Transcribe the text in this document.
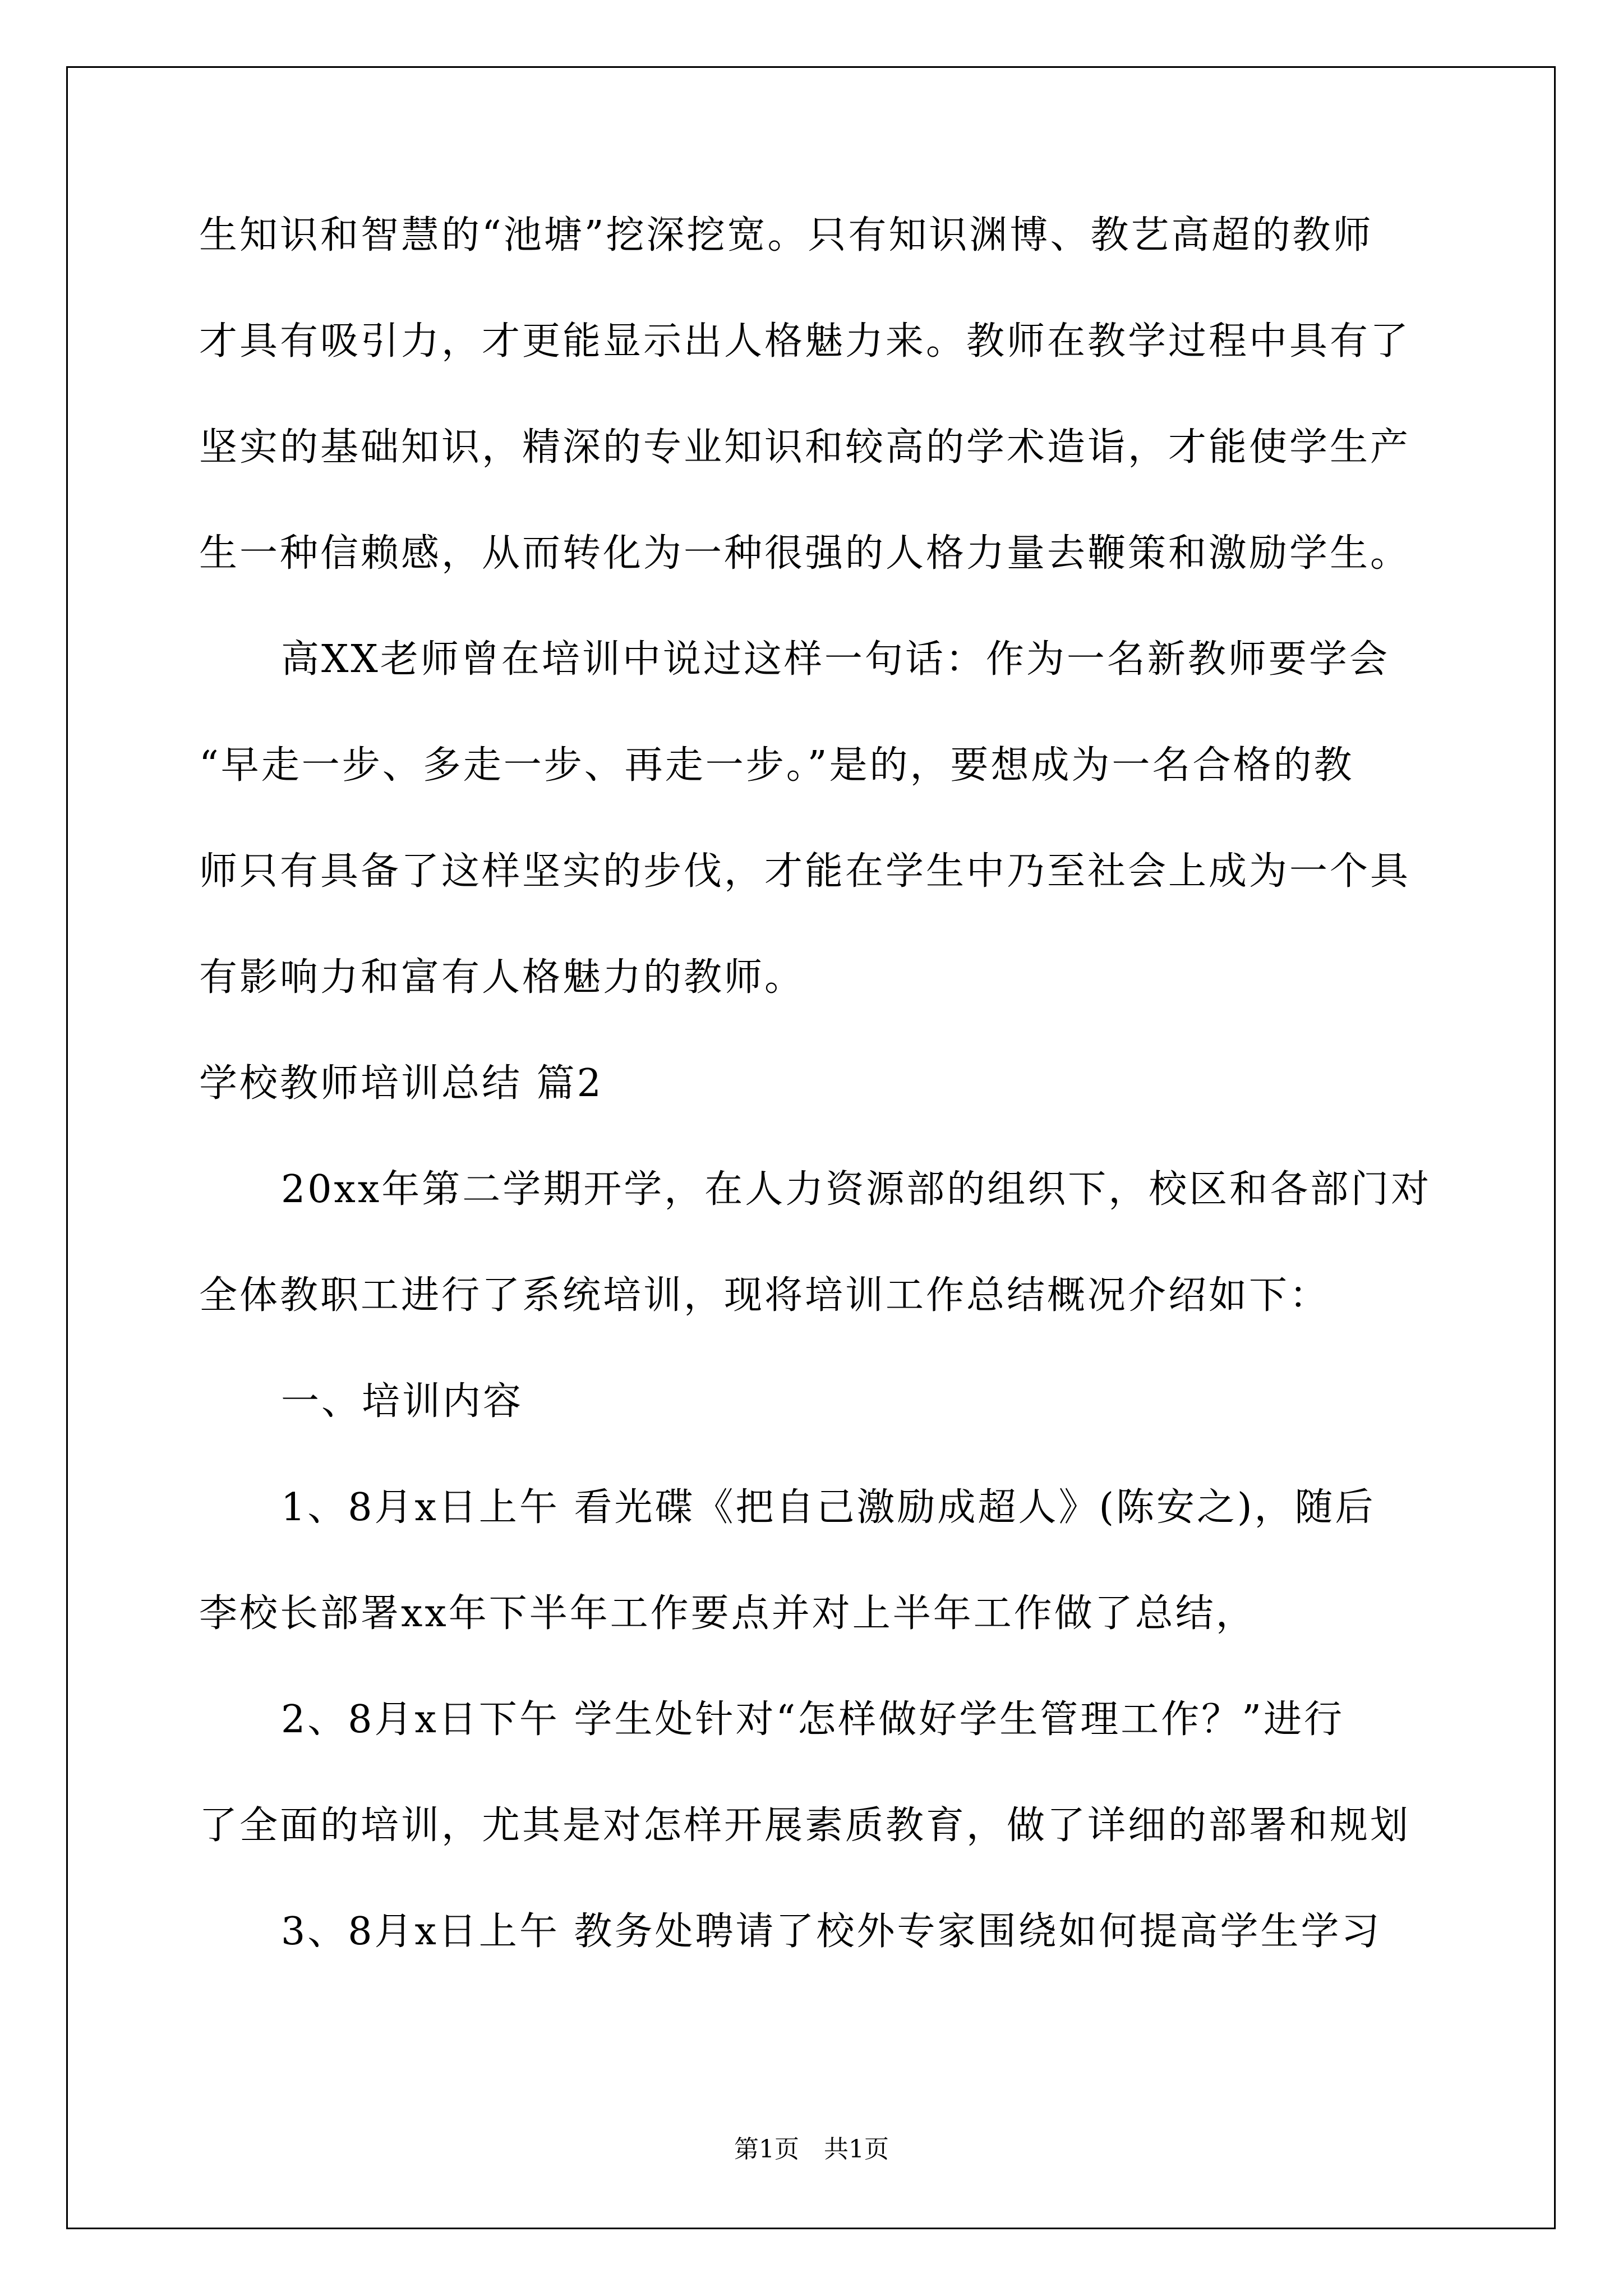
生知识和智慧的“池塘”挖深挖宽。只有知识渊博、教艺高超的教师
才具有吸引力，才更能显示出人格魅力来。教师在教学过程中具有了
坚实的基础知识，精深的专业知识和较高的学术造诣，才能使学生产
生一种信赖感，从而转化为一种很强的人格力量去鞭策和激励学生。
高XX老师曾在培训中说过这样一句话：作为一名新教师要学会
“早走一步、多走一步、再走一步。”是的，要想成为一名合格的教
师只有具备了这样坚实的步伐，才能在学生中乃至社会上成为一个具
有影响力和富有人格魅力的教师。
学校教师培训总结 篇2
20xx年第二学期开学，在人力资源部的组织下，校区和各部门对
全体教职工进行了系统培训，现将培训工作总结概况介绍如下：
一、培训内容
1、8月x日上午 看光碟《把自己激励成超人》(陈安之)，随后
李校长部署xx年下半年工作要点并对上半年工作做了总结，
2、8月x日下午 学生处针对“怎样做好学生管理工作？”进行
了全面的培训，尤其是对怎样开展素质教育，做了详细的部署和规划
3、8月x日上午 教务处聘请了校外专家围绕如何提高学生学习
第1页　共1页
